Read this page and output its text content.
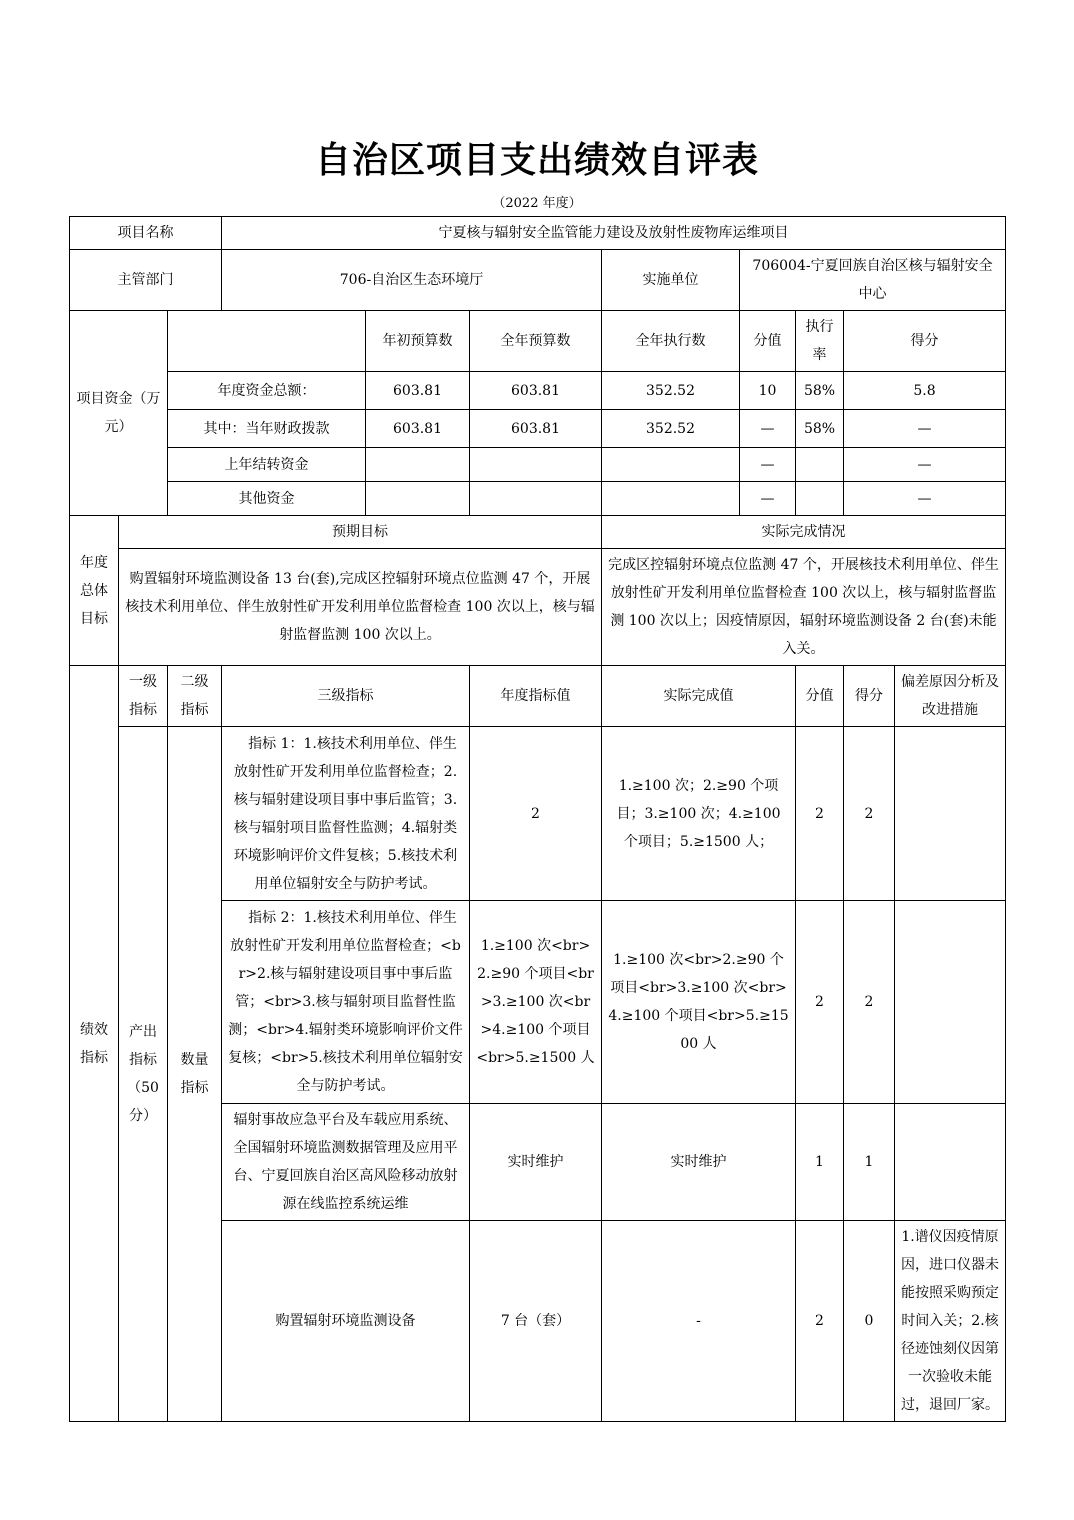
自治区项目支出绩效自评表
（2022 年度）
项目名称			宁夏核与辐射安全监管能力建设及放射性废物库运维项目							
主管部门			706-自治区生态环境厅			实施单位	706004-宁夏回族自治区核与辐射安全中心			
项目资金（万元）				年初预算数	全年预算数	全年执行数	分值	执行率	得分	
		年度资金总额：		603.81	603.81	352.52	10	58%	5.8	
		其中：当年财政拨款		603.81	603.81	352.52	—	58%	—	
		上年结转资金					—		—	
		其他资金					—		—	
年度总体目标	预期目标					实际完成情况				
	购置辐射环境监测设备 13 台(套),完成区控辐射环境点位监测 47 个，开展核技术利用单位、伴生放射性矿开发利用单位监督检查 100 次以上，核与辐射监督监测 100 次以上。					完成区控辐射环境点位监测 47 个，开展核技术利用单位、伴生放射性矿开发利用单位监督检查 100 次以上，核与辐射监督监测 100 次以上；因疫情原因，辐射环境监测设备 2 台(套)未能入关。				
绩效指标	一级指标	二级指标	三级指标		年度指标值	实际完成值		分值	得分	偏差原因分析及改进措施
	产出指标（50分）	数量指标	指标 1：1.核技术利用单位、伴生放射性矿开发利用单位监督检查；2.核与辐射建设项目事中事后监管；3.核与辐射项目监督性监测；4.辐射类环境影响评价文件复核；5.核技术利用单位辐射安全与防护考试。		2	1.≥100 次；2.≥90 个项目；3.≥100 次；4.≥100 个项目；5.≥1500 人；		2	2	
			指标 2：1.核技术利用单位、伴生放射性矿开发利用单位监督检查；<br>2.核与辐射建设项目事中事后监管；<br>3.核与辐射项目监督性监测；<br>4.辐射类环境影响评价文件复核；<br>5.核技术利用单位辐射安全与防护考试。		1.≥100 次<br>2.≥90 个项目<br>3.≥100 次<br>4.≥100 个项目<br>5.≥1500 人	1.≥100 次<br>2.≥90 个项目<br>3.≥100 次<br>4.≥100 个项目<br>5.≥1500 人		2	2	
			辐射事故应急平台及车载应用系统、全国辐射环境监测数据管理及应用平台、宁夏回族自治区高风险移动放射源在线监控系统运维		实时维护	实时维护		1	1	
			购置辐射环境监测设备		7 台（套）	-		2	0	1.谱仪因疫情原因，进口仪器未能按照采购预定时间入关；2.核径迹蚀刻仪因第一次验收未能过，退回厂家。
